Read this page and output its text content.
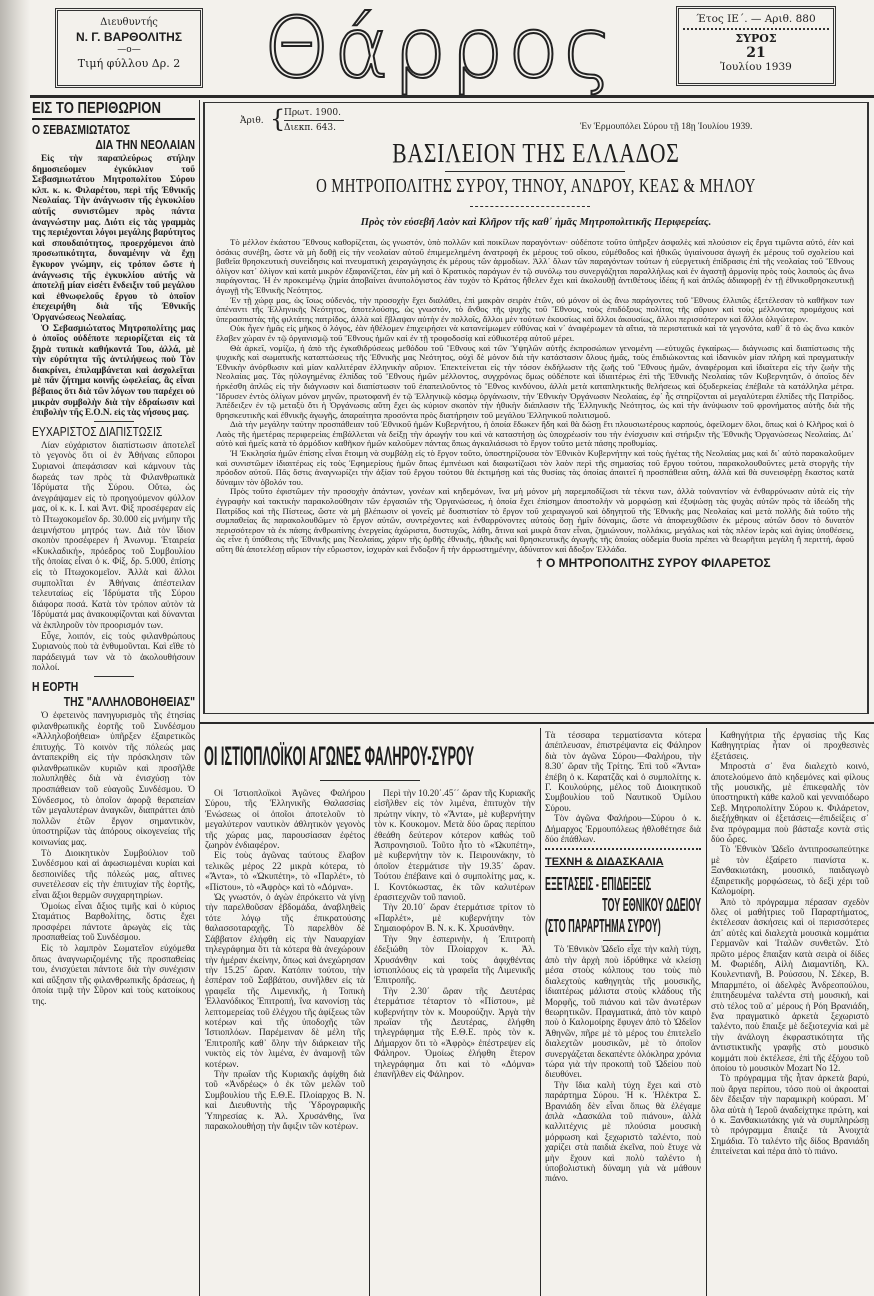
Διευθυντής
Ν. Γ. ΒΑΡΘΟΛΙΤΗΣ
—ο—
Τιμή φύλλου Δρ. 2 Θάρρος	Έτος ΙΕ΄. — Αριθ. 880
ΣΥΡΟΣ
21
Ἰουλίου 1939
ΕΙΣ ΤΟ ΠΕΡΙΘΩΡΙΟΝ
Ο ΣΕΒΑΣΜΙΩΤΑΤΟΣ
ΔΙΑ ΤΗΝ ΝΕΟΛΑΙΑΝ

Εἰς τὴν παραπλεύρως στήλην δημοσιεύομεν ἐγκύκλιον τοῦ Σεβασμιωτάτου Μητροπολίτου Σύρου κλπ. κ. κ. Φιλαρέτου, περὶ τῆς Ἐθνικῆς Νεολαίας. Τὴν ἀνάγνωσιν τῆς ἐγκυκλίου αὐτῆς συνιστῶμεν πρὸς πάντα ἀναγνώστην μας. Διότι εἰς τὰς γραμμὰς της περιέχονται λόγοι μεγάλης βαρύτητος καὶ σπουδαιότητος, προερχόμενοι ἀπὸ προσωπικότητα, δυναμένην νὰ ἔχῃ ἔγκυρον γνώμην, εἰς τρόπον ὥστε ἡ ἀνάγνωσις τῆς ἐγκυκλίου αὐτῆς νὰ ἀποτελῇ μίαν εἰσέτι ἔνδειξιν τοῦ μεγάλου καὶ ἐθνωφελοῦς ἔργου τὸ ὁποῖον ἐπεχειρήθη διὰ τῆς Ἐθνικῆς Ὀργανώσεως Νεολαίας.

Ὁ Σεβασμιώτατος Μητροπολίτης μας ὁ ὁποῖος οὐδέποτε περιορίζεται εἰς τὰ ξηρὰ τυπικὰ καθήκοντά Του, ἀλλά, μὲ τὴν εὐρύτητα τῆς ἀντιλήψεως ποὺ Τὸν διακρίνει, ἐπιλαμβάνεται καὶ ἀσχολεῖται μὲ πᾶν ζήτημα κοινῆς ὠφελείας, ἂς εἶναι βέβαιος ὅτι διὰ τῶν λόγων του παρέχει οὐ μικρὰν συμβολὴν διὰ τὴν ἑδραίωσιν καὶ ἐπιβολὴν τῆς Ε.Ο.Ν. εἰς τὰς νήσους μας.

ΕΥΧΑΡΙΣΤΟΣ ΔΙΑΠΙΣΤΩΣΙΣ

Λίαν εὐχάριστον διαπίστωσιν ἀποτελεῖ τὸ γεγονὸς ὅτι οἱ ἐν Ἀθήναις εὔποροι Συριανοὶ ἀπεφάσισαν καὶ κάμνουν τὰς δωρεάς των πρὸς τὰ Φιλανθρωπικὰ Ἱδρύματα τῆς Σύρου. Οὕτω, ὡς ἀνεγράψαμεν εἰς τὸ προηγούμενον φύλλον μας, οἱ κ. κ. Ι. καὶ Ἀντ. Φὶξ προσέφεραν εἰς τὸ Πτωχοκομεῖον δρ. 30.000 εἰς μνήμην τῆς ἀειμνήστου μητρός των. Διὰ τὸν ἴδιον σκοπὸν προσέφερεν ἡ Ἀνωνυμ. Ἑταιρεία «Κυκλαδική», πρόεδρος τοῦ Συμβουλίου τῆς ὁποίας εἶναι ὁ κ. Φίξ, δρ. 5.000, ἐπίσης εἰς τὸ Πτωχοκομεῖον. Ἀλλὰ καὶ ἄλλοι συμπολῖται ἐν Ἀθήναις ἀπέστειλαν τελευταίως εἰς Ἱδρύματα τῆς Σύρου διάφορα ποσά. Κατὰ τὸν τρόπον αὐτὸν τὰ Ἱδρύματά μας ἀνακουφίζονται καὶ δύνανται νὰ ἐκπληροῦν τὸν προορισμόν των.

Εὖγε, λοιπόν, εἰς τοὺς φιλανθρώπους Συριανοὺς ποὺ τὰ ἐνθυμοῦνται. Καὶ εἴθε τὸ παράδειγμά των νὰ τὸ ἀκολουθήσουν πολλοί.

Η ΕΟΡΤΗ
ΤΗΣ "ΑΛΛΗΛΟΒΟΗΘΕΙΑΣ"

Ὁ ἐφετεινὸς πανηγυρισμὸς τῆς ἐτησίας φιλανθρωπικῆς ἑορτῆς τοῦ Συνδέσμου «Ἀλληλοβοήθεια» ὑπῆρξεν ἐξαιρετικῶς ἐπιτυχής. Τὸ κοινὸν τῆς πόλεώς μας ἀνταπεκρίθη εἰς τὴν πρόσκλησιν τῶν φιλανθρωπικῶν κυριῶν καὶ προσῆλθε πολυπληθὲς διὰ νὰ ἐνισχύσῃ τὸν προσπάθειαν τοῦ εὐαγοῦς Συνδέσμου. Ὁ Σύνδεσμος, τὸ ὁποῖον ἀφορᾷ θεραπείαν τῶν μεγαλυτέρων ἀναγκῶν, διαπράττει ἀπὸ πολλῶν ἐτῶν ἔργον σημαντικὸν, ὑποστηρίζων τὰς ἀπόρους οἰκογενείας τῆς κοινωνίας μας.

Τὸ Διοικητικὸν Συμβούλιον τοῦ Συνδέσμου καὶ αἱ ἀφωσιωμέναι κυρίαι καὶ δεσποινίδες τῆς πόλεώς μας, αἵτινες συνετέλεσαν εἰς τὴν ἐπιτυχίαν τῆς ἑορτῆς, εἶναι ἄξιοι θερμῶν συγχαρητηρίων.

Ὁμοίως εἶναι ἄξιος τιμῆς καὶ ὁ κύριος Σταμάτιος Βαρθολίτης, ὅστις ἔχει προσφέρει πάντοτε ἀρωγὰς εἰς τὰς προσπαθείας τοῦ Συνδέσμου.

Εἰς τὸ λαμπρὸν Σωματεῖον εὐχόμεθα ὅπως ἀναγνωριζομένης τῆς προσπαθείας του, ἐνισχύεται πάντοτε διὰ τὴν συνέχισιν καὶ αὔξησιν τῆς φιλανθρωπικῆς δράσεως, ἡ ὁποία τιμᾷ τὴν Σῦρον καὶ τοὺς κατοίκους της.

Ἀριθ. {
Πρωτ. 1900.
Διεκπ. 643.	Ἐν Ἑρμουπόλει Σύρου τῇ 18ῃ Ἰουλίου 1939.
ΒΑΣΙΛΕΙΟΝ ΤΗΣ ΕΛΛΑΔΟΣ
Ο ΜΗΤΡΟΠΟΛΙΤΗΣ ΣΥΡΟΥ, ΤΗΝΟΥ, ΑΝΔΡΟΥ, ΚΕΑΣ & ΜΗΛΟΥ
Πρὸς τὸν εὐσεβῆ Λαὸν καὶ Κλῆρον τῆς καθ᾽ ἡμᾶς Μητροπολιτικῆς Περιφερείας.

Τὸ μέλλον ἑκάστου Ἔθνους καθορίζεται, ὡς γνωστόν, ὑπὸ πολλῶν καὶ ποικίλων παραγόντων· οὐδέποτε τοῦτο ὑπῆρξεν ἀσφαλὲς καὶ πλούσιον εἰς ἔργα τιμῶντα αὐτό, ἐὰν καὶ ὁσάκις συνέβη, ὥστε νὰ μὴ δοθῇ εἰς τὴν νεολαίαν αὐτοῦ ἐπιμεμελημένη ἀνατροφὴ ἐκ μέρους τοῦ οἴκου, εὐμέθοδος καὶ ἠθικῶς ὑγιαίνουσα ἀγωγὴ ἐκ μέρους τοῦ σχολείου καὶ βαθεῖα θρησκευτικὴ συνείδησις καὶ πνευματικὴ χειραγώγησις ἐκ μέρους τῶν ἁρμοδίων. Ἀλλ᾽ ὅλων τῶν παραγόντων τούτων ἡ εὐεργετικὴ ἐπίδρασις ἐπὶ τῆς νεολαίας τοῦ Ἔθνους ὀλίγον κατ᾽ ὀλίγον καὶ κατὰ μικρὸν ἐξαφανίζεται, ἐὰν μὴ καὶ ὁ Κρατικὸς παράγων ἐν τῷ συνόλῳ του συνεργάζηται παραλλήλως καὶ ἐν ἀγαστῇ ἁρμονίᾳ πρὸς τοὺς λοιποὺς ὡς ἄνω παράγοντας. Ἡ ἐν προκειμένῳ ζημία ἀποβαίνει ἀνυπολόγιστος ἐὰν τυχὸν τὸ Κράτος ἤθελεν ἔχει καὶ ἀκολουθῇ ἀντιθέτους ἰδέας ἢ καὶ ἁπλῶς ἀδιαφορῇ ἐν τῇ ἐθνικοθρησκευτικῇ ἀγωγῇ τῆς Ἐθνικῆς Νεότητος.

Ἐν τῇ χώρᾳ μας, ὡς ἴσως οὐδενός, τὴν προσοχὴν ἔχει διαλάθει, ἐπὶ μακρὰν σειρὰν ἐτῶν, οὐ μόνον οἱ ὡς ἄνω παράγοντες τοῦ Ἔθνους ἐλλιπῶς ἐξετέλεσαν τὸ καθῆκον των ἀπέναντι τῆς Ἑλληνικῆς Νεότητος, ἀποτελούσης, ὡς γνωστόν, τὸ ἄνθος τῆς ψυχῆς τοῦ Ἔθνους, τοὺς ἐπιδόξους πολίτας τῆς αὔριον καὶ τοὺς μέλλοντας προμάχους καὶ ὑπερασπιστὰς τῆς φιλτάτης πατρίδος, ἀλλὰ καὶ ἔβλαψαν αὐτὴν ἐν πολλοῖς, ἄλλοι μὲν τούτων ἑκουσίως καὶ ἄλλοι ἀκουσίως, ἄλλοι περισσότερον καὶ ἄλλοι ὀλιγώτερον.

Οὐκ ἦγεν ἡμᾶς εἰς μῆκος ὁ λόγος, ἐὰν ἠθέλομεν ἐπιχειρήσει νὰ κατανείμωμεν εὐθύνας καὶ ν᾽ ἀναφέρωμεν τὰ αἴτια, τὰ περιστατικὰ καὶ τὰ γεγονότα, καθ᾽ ἃ τὸ ὡς ἄνω κακὸν ἔλαβεν χώραν ἐν τῷ ὀργανισμῷ τοῦ Ἔθνους ἡμῶν καὶ ἐν τῇ τροφοδοσίᾳ καὶ εὐθικοτέρᾳ αὐτοῦ μέρει.

Θὰ ἀρκεῖ, νομίζω, ἡ ἀπὸ τῆς ἐγκαθιδρύσεως μεθόδου τοῦ Ἔθνους καὶ τῶν Ὑψηλῶν αὐτῆς ἐκπροσώπων γενομένη —εὐτυχῶς ἐγκαίρως— διάγνωσις καὶ διαπίστωσις τῆς ψυχικῆς καὶ σωματικῆς καταπτώσεως τῆς Ἐθνικῆς μας Νεότητος, οὐχὶ δὲ μόνον διὰ τὴν κατάστασιν ὅλους ἡμᾶς, τοὺς ἐπιδιώκοντας καὶ ἰδανικὸν μίαν πλήρη καὶ πραγματικὴν Ἐθνικὴν ἀνόρθωσιν καὶ μίαν καλλιτέραν ἑλληνικὴν αὔριον. Ἐπεκτείνεται εἰς τὴν τόσον ἐκδήλωσιν τῆς ζωῆς τοῦ Ἔθνους ἡμῶν, ἀναφέρομαι καὶ ἰδιαίτερα εἰς τὴν ζωὴν τῆς Νεολαίας μας. Τὰς ηὐλογημένας ἐλπίδας τοῦ Ἔθνους ἡμῶν μέλλοντος, συγχρόνως ὅμως οὐδέποτε καὶ ἰδιαιτέρως ἐπὶ τῆς Ἐθνικῆς Νεολαίας τῶν Κυβερνητῶν, ὁ ὁποῖος δὲν ἠρκέσθη ἁπλῶς εἰς τὴν διάγνωσιν καὶ διαπίστωσιν τοῦ ἐπαπειλοῦντος τὸ Ἔθνος κινδύνου, ἀλλὰ μετὰ καταπληκτικῆς θελήσεως καὶ ὀξυδερκείας ἐπέβαλε τὰ κατάλληλα μέτρα. Ἵδρυσεν ἐντὸς ὀλίγων μόνον μηνῶν, πρωτοφανῆ ἐν τῷ Ἑλληνικῷ κόσμῳ ὀργάνωσιν, τὴν Ἐθνικὴν Ὀργάνωσιν Νεολαίας, ἐφ᾽ ἧς στηρίζονται αἱ μεγαλύτεραι ἐλπίδες τῆς Πατρίδος. Ἀπέδειξεν ἐν τῷ μεταξὺ ὅτι ἡ Ὀργάνωσις αὕτη ἔχει ὡς κύριον σκοπὸν τὴν ἠθικὴν διάπλασιν τῆς Ἑλληνικῆς Νεότητος, ὡς καὶ τὴν ἀνύψωσιν τοῦ φρονήματος αὐτῆς διὰ τῆς θρησκευτικῆς καὶ ἐθνικῆς ἀγωγῆς, ἀπαραίτητα προσόντα πρὸς διατήρησιν τοῦ μεγάλου Ἑλληνικοῦ πολιτισμοῦ.

Διὰ τὴν μεγάλην ταύτην προσπάθειαν τοῦ Ἐθνικοῦ ἡμῶν Κυβερνήτου, ἡ ὁποία ἔδωκεν ἤδη καὶ θὰ δώσῃ ἔτι πλουσιωτέρους καρπούς, ὀφείλομεν ὅλοι, ὅπως καὶ ὁ Κλῆρος καὶ ὁ Λαὸς τῆς ἡμετέρας περιφερείας ἐπιβάλλεται νὰ δείξῃ τὴν ἀρωγήν του καὶ νὰ καταστήσῃ ὡς ὑποχρέωσίν του τὴν ἐνίσχυσιν καὶ στήριξιν τῆς Ἐθνικῆς Ὀργανώσεως Νεολαίας. Δι᾽ αὐτὸ καὶ ἡμεῖς κατὰ τὸ ἀρμόδιον καθῆκον ἡμῶν καλοῦμεν πάντας ὅπως ἀγκαλιάσωσι τὸ ἔργον τοῦτο μετὰ πάσης προθυμίας.

Ἡ Ἐκκλησία ἡμῶν ἐπίσης εἶναι ἔτοιμη νὰ συμβάλῃ εἰς τὸ ἔργον τοῦτο, ὑποστηρίζουσα τὸν Ἐθνικὸν Κυβερνήτην καὶ τοὺς ἡγέτας τῆς Νεολαίας μας καὶ δι᾽ αὐτὸ παρακαλοῦμεν καὶ συνιστῶμεν ἰδιαιτέρως εἰς τοὺς Ἐφημερίους ἡμῶν ὅπως ἐμπνέωσι καὶ διαφωτίζωσι τὸν λαὸν περὶ τῆς σημασίας τοῦ ἔργου τούτου, παρακολουθοῦντες μετὰ στοργῆς τὴν πρόοδον αὐτοῦ. Πᾶς ὅστις ἀναγνωρίζει τὴν ἀξίαν τοῦ ἔργου τούτου θὰ ἐκτιμήσῃ καὶ τὰς θυσίας τὰς ὁποίας ἀπαιτεῖ ἡ προσπάθεια αὕτη, ἀλλὰ καὶ θὰ συνεισφέρῃ ἕκαστος κατὰ δύναμιν τὸν ὀβολόν του.

Πρὸς τοῦτο ἐφιστῶμεν τὴν προσοχὴν ἁπάντων, γονέων καὶ κηδεμόνων, ἵνα μὴ μόνον μὴ παρεμποδίζωσι τὰ τέκνα των, ἀλλὰ τοὐναντίον νὰ ἐνθαρρύνωσιν αὐτὰ εἰς τὴν ἐγγραφὴν καὶ τακτικὴν παρακολούθησιν τῶν ἐργασιῶν τῆς Ὀργανώσεως, ἡ ὁποία ἔχει ἐπίσημον ἀποστολὴν νὰ μορφώσῃ καὶ ἐξυψώσῃ τὰς ψυχὰς αὐτῶν πρὸς τὰ ἰδεώδη τῆς Πατρίδος καὶ τῆς Πίστεως, ὥστε νὰ μὴ βλέπωσιν οἱ γονεῖς μὲ δυσπιστίαν τὸ ἔργον τοῦ χειραγωγοῦ καὶ ὁδηγητοῦ τῆς Ἐθνικῆς μας Νεολαίας καὶ μετὰ πολλῆς διὰ τοῦτο τῆς συμπαθείας ἂς παρακολουθῶμεν τὸ ἔργον αὐτῶν, συντρέχοντες καὶ ἐνθαρρύνοντες αὐτοὺς ὅσῃ ἡμῖν δύναμις, ὥστε νὰ ἀποφευχθῶσιν ἐκ μέρους αὐτῶν ὅσον τὸ δυνατὸν περισσότερον τὰ ἐκ πάσης ἀνθρωπίνης ἐνεργείας ἀχώριστα, δυστυχῶς, λάθη, ἅτινα καὶ μικρὰ ὅταν εἶναι, ζημιώνουν, πολλάκις, μεγάλως καὶ τὰς πλέον ἱερὰς καὶ ἁγίας ὑποθέσεις, ὡς εἶνε ἡ ὑπόθεσις τῆς Ἐθνικῆς μας Νεολαίας, χάριν τῆς ὀρθῆς ἐθνικῆς, ἠθικῆς καὶ θρησκευτικῆς ἀγωγῆς τῆς ὁποίας οὐδεμία θυσία πρέπει νὰ θεωρῆται μεγάλη ἢ περιττή, ἀφοῦ αὕτη θὰ ἀποτελέσῃ αὔριον τὴν εὔρωστον, ἰσχυρὰν καὶ ἔνδοξον ἢ τὴν ἀρρωστημένην, ἀδύνατον καὶ ἄδοξον Ἑλλάδα.

† Ο ΜΗΤΡΟΠΟΛΙΤΗΣ ΣΥΡΟΥ ΦΙΛΑΡΕΤΟΣ
ΟΙ ΙΣΤΙΟΠΛΟΪΚΟΙ ΑΓΩΝΕΣ ΦΑΛΗΡΟΥ-ΣΥΡΟΥ

Οἱ Ἱστιοπλοϊκοὶ Ἀγῶνες Φαλήρου Σύρου, τῆς Ἑλληνικῆς Θαλασσίας Ἑνώσεως οἱ ὁποῖοι ἀποτελοῦν τὸ μεγαλύτερον ναυτικὸν ἀθλητικὸν γεγονὸς τῆς χώρας μας, παρουσίασαν ἐφέτος ζωηρὸν ἐνδιαφέρον.

Εἰς τοὺς ἀγῶνας ταύτους ἔλαβον τελικῶς μέρος 22 μικρὰ κότερα, τὸ «Ἄντα», τὸ «Ὠκυπέτη», τὸ «Παρλέτ», τὸ «Πίστου», τὸ «Ἀφρὸς» καὶ τὸ «Δόμνα».

Ὡς γνωστόν, ὁ ἀγὼν ἐπρόκειτο νὰ γίνῃ τὴν παρελθοῦσαν ἑβδομάδα, ἀναβληθεὶς τότε λόγῳ τῆς ἐπικρατούσης θαλασσοταραχῆς. Τὸ παρελθὸν δὲ Σάββατον ἐλήφθη εἰς τὴν Ναυαρχίαν τηλεγράφημα ὅτι τὰ κότερα θὰ ἀνεχώρουν τὴν ἡμέραν ἐκείνην, ὅπως καὶ ἀνεχώρησαν τὴν 15.25΄ ὥραν. Κατόπιν τούτου, τὴν ἑσπέραν τοῦ Σαββάτου, συνῆλθεν εἰς τὰ γραφεῖα τῆς Λιμενικῆς, ἡ Τοπικὴ Ἑλλανόδικος Ἐπιτροπή, ἵνα κανονίσῃ τὰς λεπτομερείας τοῦ ἐλέγχου τῆς ἀφίξεως τῶν κοτέρων καὶ τῆς ὑποδοχῆς τῶν Ἱστιοπλόων. Παρέμειναν δὲ μέλη τῆς Ἐπιτροπῆς καθ᾽ ὅλην τὴν διάρκειαν τῆς νυκτὸς εἰς τὸν λιμένα, ἐν ἀναμονῇ τῶν κοτέρων.

Τὴν πρωΐαν τῆς Κυριακῆς ἀφίχθη διὰ τοῦ «Ἀνδρέως» ὁ ἐκ τῶν μελῶν τοῦ Συμβουλίου τῆς Ε.Θ.Ε. Πλοίαρχος Β. Ν. καὶ Διευθυντὴς τῆς Ὑδρογραφικῆς Ὑπηρεσίας κ. Ἀλ. Χρυσάνθης, ἵνα παρακολουθήσῃ τὴν ἄφιξιν τῶν κοτέρων.

Περὶ τὴν 10.20΄.45΄΄ ὥραν τῆς Κυριακῆς εἰσῆλθεν εἰς τὸν λιμένα, ἐπιτυχὸν τὴν πρώτην νίκην, τὸ «Ἄντα», μὲ κυβερνήτην τὸν κ. Κουκομον. Μετὰ δύο ὥρας περίπου ἐθεάθη δεύτερον κότερον καθὼς τοῦ Ἀσπρονησιοῦ. Τοῦτο ἦτο τὸ «Ὠκυπέτη», μὲ κυβερνήτην τὸν κ. Πειρουνάκην, τὸ ὁποῖον ἐτερμάτισε τὴν 19.35΄ ὥραν. Τούτου ἐπέβαινε καὶ ὁ συμπολίτης μας, κ. Ι. Κοντόκωστας, ἐκ τῶν καλυτέρων ἐρασιτεχνῶν τοῦ πανιοῦ.

Τὴν 20.10΄ ὥραν ἐτερμάτισε τρίτον τὸ «Παρλέτ», μὲ κυβερνήτην τὸν Σημαιοφόρον Β. Ν. κ. Κ. Χρυσάνθην.

Τὴν 9ην ἑσπερινὴν, ἡ Ἐπιτροπὴ ἐδεξιώθη τὸν Πλοίαρχον κ. Ἀλ. Χρυσάνθην καὶ τοὺς ἀφιχθέντας ἱστιοπλόους εἰς τὰ γραφεῖα τῆς Λιμενικῆς Ἐπιτροπῆς.

Τὴν 2.30΄ ὥραν τῆς Δευτέρας ἐτερμάτισε τέταρτον τὸ «Πίστου», μὲ κυβερνήτην τὸν κ. Μουρούζην. Ἀργὰ τὴν πρωΐαν τῆς Δευτέρας, ἐλήφθη τηλεγράφημα τῆς Ε.Θ.Ε. πρὸς τὸν κ. Δήμαρχον ὅτι τὸ «Ἀφρὸς» ἐπέστρεψεν εἰς Φάληρον. Ὁμοίως ἐλήφθη ἕτερον τηλεγράφημα ὅτι καὶ τὸ «Δόμνα» ἐπανῆλθεν εἰς Φάληρον.

Τὰ τέσσαρα τερματίσαντα κότερα ἀπέπλευσαν, ἐπιστρέψαντα εἰς Φάληρον διὰ τὸν ἀγῶνα Σύρου—Φαλήρου, τὴν 8.30΄ ὥραν τῆς Τρίτης. Ἐπὶ τοῦ «Ἄντα» ἐπέβη ὁ κ. Καρατζᾶς καὶ ὁ συμπολίτης κ. Γ. Κουλούρης, μέλος τοῦ Διοικητικοῦ Συμβουλίου τοῦ Ναυτικοῦ Ὁμίλου Σύρου.

Τὸν ἀγῶνα Φαλήρου—Σύρου ὁ κ. Δήμαρχος Ἑρμουπόλεως ἠθλοθέτησε διὰ δύο ἐπάθλων.

ΤΕΧΝΗ & ΔΙΔΑΣΚΑΛΙΑ
ΕΞΕΤΑΣΕΙΣ - ΕΠΙΔΕΙΞΕΙΣ
ΤΟΥ ΕΘΝΙΚΟΥ ΩΔΕΙΟΥ
(ΣΤΟ ΠΑΡΑΡΤΗΜΑ ΣΥΡΟΥ)

Τὸ Ἐθνικὸν Ὠδεῖο εἶχε τὴν καλὴ τύχη, ἀπὸ τὴν ἀρχὴ ποὺ ἱδρύθηκε νὰ κλείσῃ μέσα στοὺς κόλπους του τοὺς πιὸ διαλεχτοὺς καθηγητὰς τῆς μουσικῆς, ἰδιαιτέρως μάλιστα στοὺς κλάδους τῆς Μορφῆς, τοῦ πιάνου καὶ τῶν ἀνωτέρων θεωρητικῶν. Πραγματικά, ἀπὸ τὸν καιρὸ ποὺ ὁ Καλομοίρης ἔφυγεν ἀπὸ τὸ Ὠδεῖον Ἀθηνῶν, πῆρε μὲ τὸ μέρος του ἐπιτελεῖο διαλεχτῶν μουσικῶν, μὲ τὸ ὁποῖον συνεργάζεται δεκαπέντε ὁλόκληρα χρόνια τώρα γιὰ τὴν προκοπὴ τοῦ Ὠδείου ποὺ διευθύνει.

Τὴν ἴδια καλὴ τύχη ἔχει καὶ στὸ παράρτημα Σύρου. Ἡ κ. Ἠλέκτρα Σ. Βρανιάδη δὲν εἶναι ὅπως θὰ ἐλέγαμε ἁπλὰ «Δασκάλα τοῦ πιάνου», ἀλλὰ καλλιτέχνις μὲ πλούσια μουσικὴ μόρφωση καὶ ξεχωριστὸ ταλέντο, ποὺ χαρίζει στὰ παιδιὰ ἐκεῖνα, ποὺ ἔτυχε νὰ μὴν ἔχουν καὶ πολὺ ταλέντο ἡ ὑποβολιστικὴ δύναμη γιὰ νὰ μάθουν πιάνο.

Καθηγήτρια τῆς ἐργασίας τῆς Κας Καθηγητρίας ἦταν οἱ προχθεσινὲς ἐξετάσεις.

Μπροστὰ σ᾽ ἕνα διαλεχτὸ κοινό, ἀποτελούμενο ἀπὸ κηδεμόνες καὶ φίλους τῆς μουσικῆς, μὲ ἐπικεφαλῆς τὸν ὑποστηρικτὴ κάθε καλοῦ καὶ γενναιόδωρο Σεβ. Μητροπολίτην Σύρου κ. Φιλάρετον, διεξήχθηκαν οἱ ἐξετάσεις—ἐπιδείξεις σ᾽ ἕνα πρόγραμμα ποὺ βάσταξε κοντὰ στὶς δύο ὧρες.

Τὸ Ἐθνικὸν Ὠδεῖο ἀντιπροσωπεύτηκε μὲ τὸν ἐξαίρετο πιανίστα κ. Ξανθακιωτάκη, μουσικό, παιδαγωγὸ ἐξαιρετικῆς μορφώσεως, τὸ δεξὶ χέρι τοῦ Καλομοίρη.

Ἀπὸ τὸ πρόγραμμα πέρασαν σχεδὸν ὅλες οἱ μαθήτριες τοῦ Παραρτήματος, ἐκτέλεσαν ἀσκήσεις καὶ οἱ περισσότερες ἀπ᾽ αὐτὲς καὶ διαλεχτὰ μουσικὰ κομμάτια Γερμανῶν καὶ Ἰταλῶν συνθετῶν. Στὸ πρῶτο μέρος ἔπαιξαν κατὰ σειρὰ οἱ δίδες Μ. Φωριέδη, Αἰλὴ Διαμαντίδη, Κλ. Κουλεντιανῆ, Β. Ρούσσου, Ν. Σέκερ, Β. Μπαρμπέτο, οἱ ἀδελφὲς Ἀνδρεοπούλου, ἐπιτηδευμένα ταλέντα στὴ μουσική, καὶ στὸ τέλος τοῦ α᾽ μέρους ἡ Ρόη Βρανιάδη, ἕνα πραγματικὸ ἀρκετὰ ξεχωριστὸ ταλέντο, ποὺ ἔπαιξε μὲ δεξιοτεχνία καὶ μὲ τὴν ἀνάλογη ἐκφραστικότητα τῆς ἀντιστικτικῆς γραφῆς στὸ μουσικὸ κομμάτι ποὺ ἐκτέλεσε, ἐπὶ τῆς ἐξόχου τοῦ ὁποίου τὸ μουσικὸν Mozart Νο 12.

Τὸ πρόγραμμα τῆς ἦταν ἀρκετὰ βαρύ, ποὺ ἄργα περίπου, τόσο ποὺ οἱ ἀκροαταὶ δὲν ἔδειξαν τὴν παραμικρὴ κούρασι. Μ᾽ ὅλα αὐτὰ ἡ Ἰεροῦ ἀναδείχτηκε πρώτη, καὶ ὁ κ. Ξανθακιωτάκης γιὰ νὰ συμπληρώσῃ τὸ πρόγραμμα ἔπαιξε τὰ Ἀνοιχτὰ Σημάδια. Τὸ ταλέντο τῆς δίδος Βρανιάδη ἐπιτείνεται καὶ πέρα ἀπὸ τὸ πιάνο.
